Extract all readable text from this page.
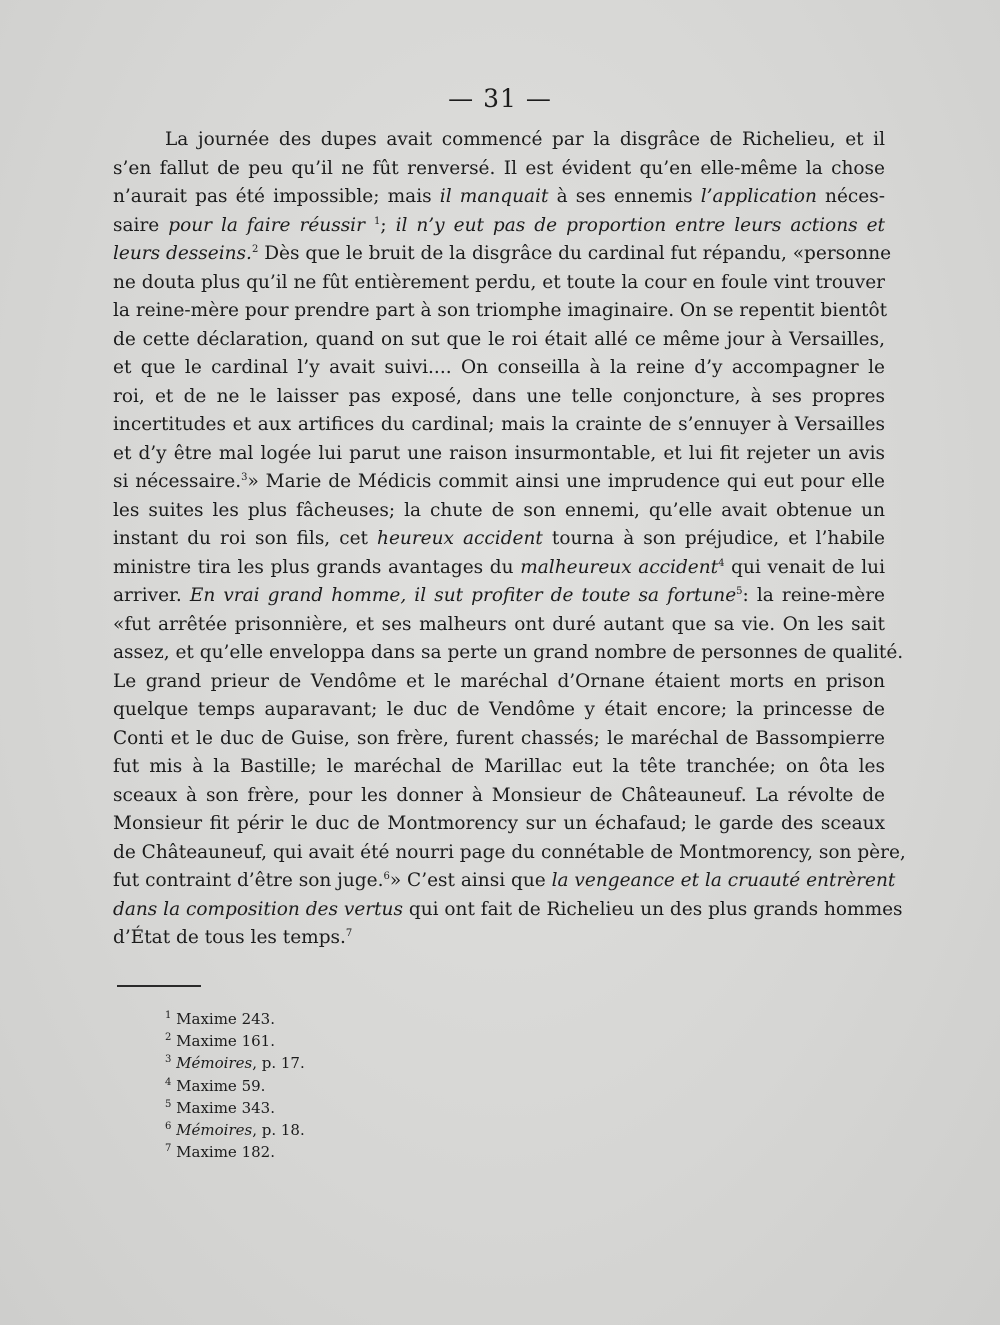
— 31 —
La journée des dupes avait commencé par la disgrâce de Richelieu, et il
s’en fallut de peu qu’il ne fût renversé. Il est évident qu’en elle-même la chose
n’aurait pas été impossible; mais il manquait à ses ennemis l’application néces-
saire pour la faire réussir $^1$; il n’y eut pas de proportion entre leurs actions et
leurs desseins.$^2$ Dès que le bruit de la disgrâce du cardinal fut répandu, «personne
ne douta plus qu’il ne fût entièrement perdu, et toute la cour en foule vint trouver
la reine-mère pour prendre part à son triomphe imaginaire. On se repentit bientôt
de cette déclaration, quand on sut que le roi était allé ce même jour à Versailles,
et que le cardinal l’y avait suivi.... On conseilla à la reine d’y accompagner le
roi, et de ne le laisser pas exposé, dans une telle conjoncture, à ses propres
incertitudes et aux artifices du cardinal; mais la crainte de s’ennuyer à Versailles
et d’y être mal logée lui parut une raison insurmontable, et lui fit rejeter un avis
si nécessaire.$^3$» Marie de Médicis commit ainsi une imprudence qui eut pour elle
les suites les plus fâcheuses; la chute de son ennemi, qu’elle avait obtenue un
instant du roi son fils, cet heureux accident tourna à son préjudice, et l’habile
ministre tira les plus grands avantages du malheureux accident$^4$ qui venait de lui
arriver. En vrai grand homme, il sut profiter de toute sa fortune$^5$: la reine-mère
«fut arrêtée prisonnière, et ses malheurs ont duré autant que sa vie. On les sait
assez, et qu’elle enveloppa dans sa perte un grand nombre de personnes de qualité.
Le grand prieur de Vendôme et le maréchal d’Ornane étaient morts en prison
quelque temps auparavant; le duc de Vendôme y était encore; la princesse de
Conti et le duc de Guise, son frère, furent chassés; le maréchal de Bassompierre
fut mis à la Bastille; le maréchal de Marillac eut la tête tranchée; on ôta les
sceaux à son frère, pour les donner à Monsieur de Châteauneuf. La révolte de
Monsieur fit périr le duc de Montmorency sur un échafaud; le garde des sceaux
de Châteauneuf, qui avait été nourri page du connétable de Montmorency, son père,
fut contraint d’être son juge.$^6$» C’est ainsi que la vengeance et la cruauté entrèrent
dans la composition des vertus qui ont fait de Richelieu un des plus grands hommes
d’État de tous les temps.$^7$
$^1$ Maxime 243.
$^2$ Maxime 161.
$^3$ Mémoires, p. 17.
$^4$ Maxime 59.
$^5$ Maxime 343.
$^6$ Mémoires, p. 18.
$^7$ Maxime 182.
